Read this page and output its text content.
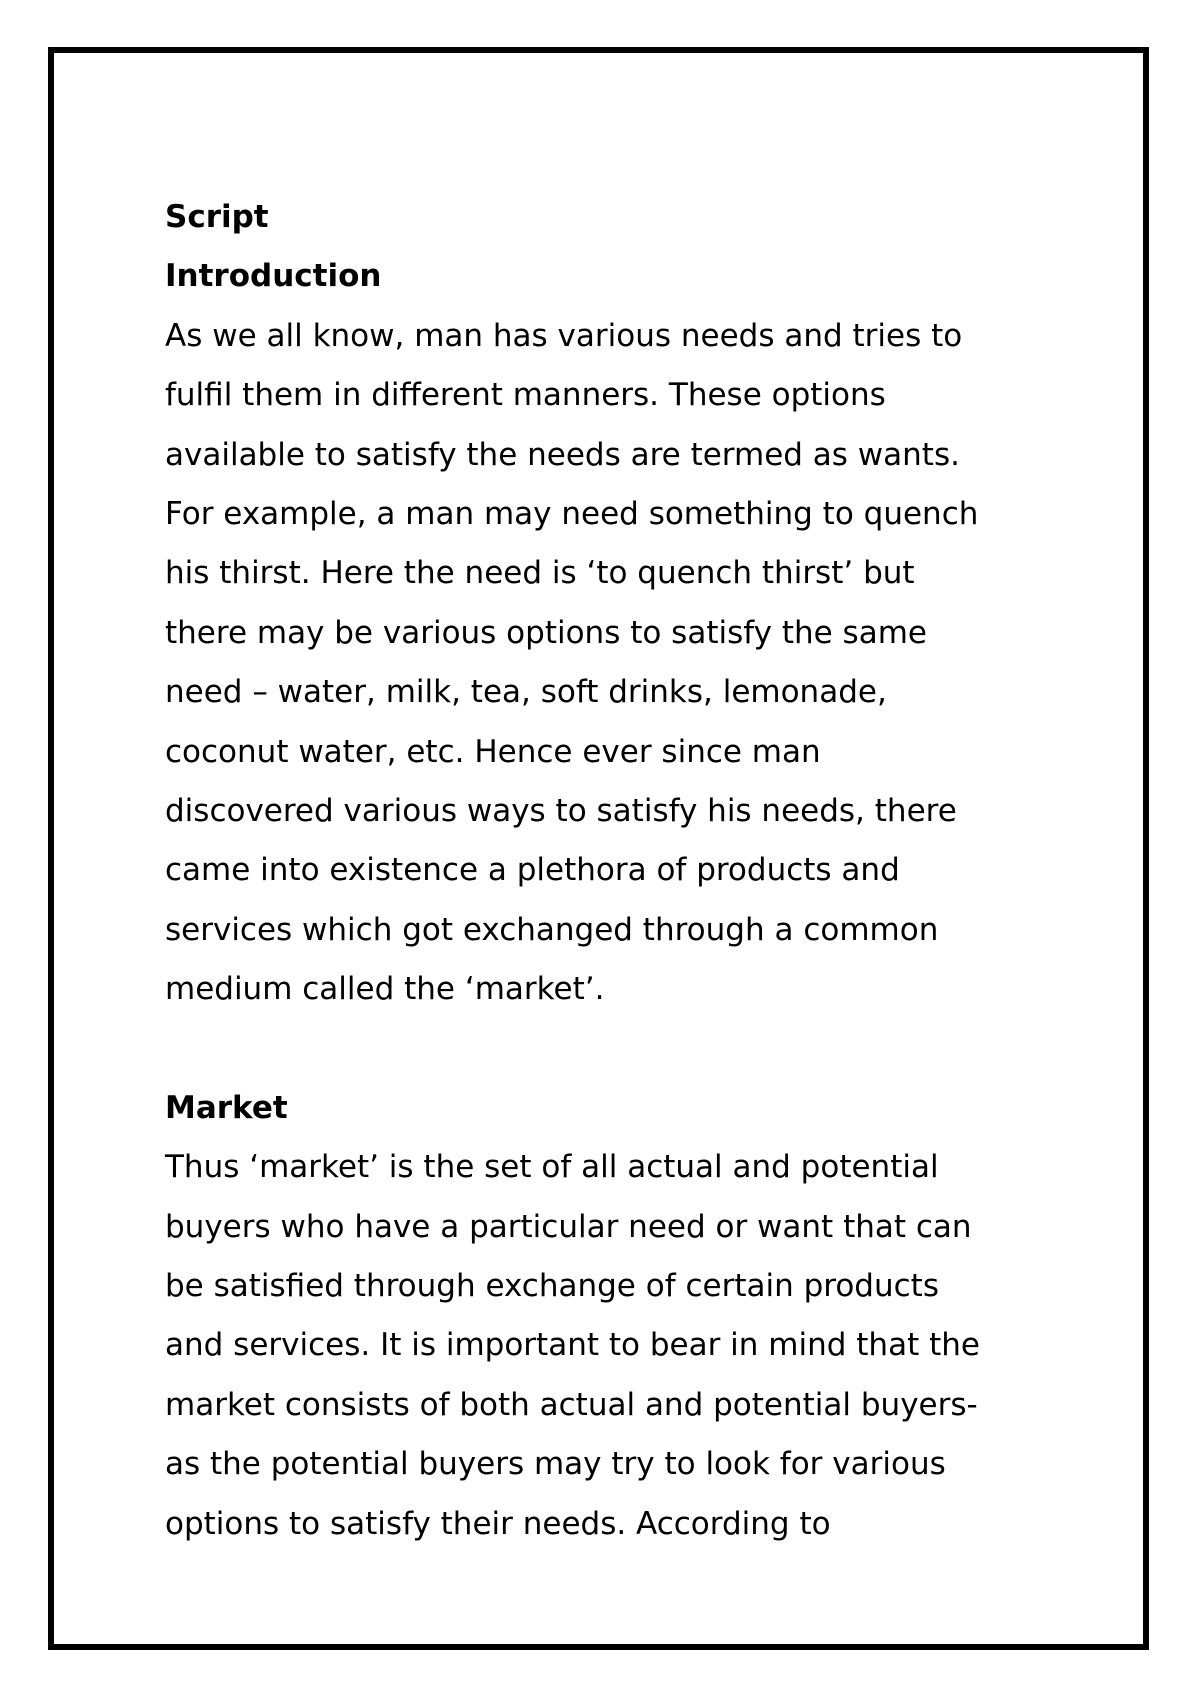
Script

Introduction

As we all know, man has various needs and tries to
fulfil them in different manners. These options
available to satisfy the needs are termed as wants.
For example, a man may need something to quench
his thirst. Here the need is ‘to quench thirst’ but
there may be various options to satisfy the same
need – water, milk, tea, soft drinks, lemonade,
coconut water, etc. Hence ever since man
discovered various ways to satisfy his needs, there
came into existence a plethora of products and
services which got exchanged through a common
medium called the ‘market’.

Market

Thus ‘market’ is the set of all actual and potential
buyers who have a particular need or want that can
be satisfied through exchange of certain products
and services. It is important to bear in mind that the
market consists of both actual and potential buyers-
as the potential buyers may try to look for various
options to satisfy their needs. According to
